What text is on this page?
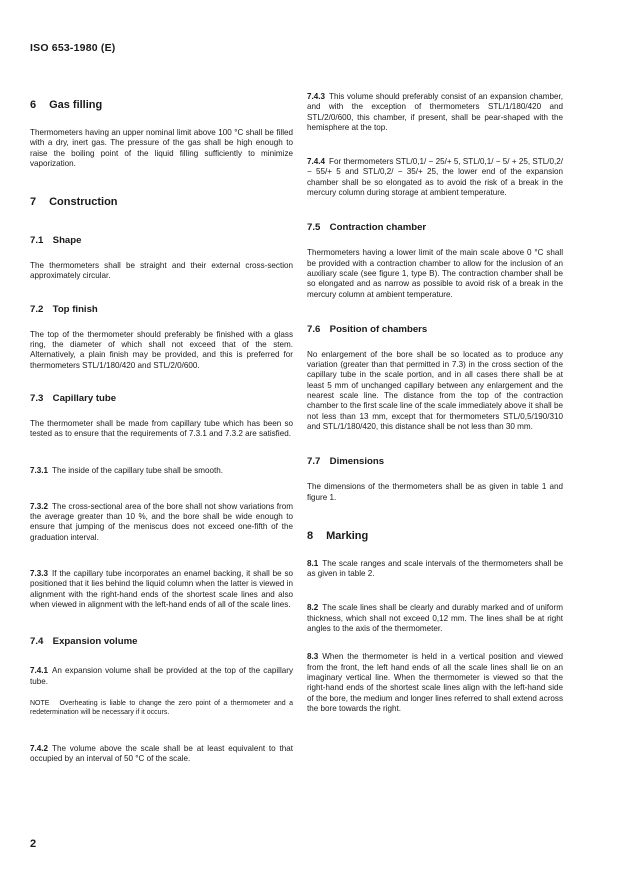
ISO 653-1980 (E)
6 Gas filling

Thermometers having an upper nominal limit above 100 °C shall be filled with a dry, inert gas. The pressure of the gas shall be high enough to raise the boiling point of the liquid filling sufficiently to minimize vaporization.

7 Construction
7.1 Shape

The thermometers shall be straight and their external cross-section approximately circular.

7.2 Top finish

The top of the thermometer should preferably be finished with a glass ring, the diameter of which shall not exceed that of the stem. Alternatively, a plain finish may be provided, and this is preferred for thermometers STL/1/180/420 and STL/2/0/600.

7.3 Capillary tube

The thermometer shall be made from capillary tube which has been so tested as to ensure that the requirements of 7.3.1 and 7.3.2 are satisfied.

7.3.1 The inside of the capillary tube shall be smooth.

7.3.2 The cross-sectional area of the bore shall not show variations from the average greater than 10 %, and the bore shall be wide enough to ensure that jumping of the meniscus does not exceed one-fifth of the graduation interval.

7.3.3 If the capillary tube incorporates an enamel backing, it shall be so positioned that it lies behind the liquid column when the latter is viewed in alignment with the right-hand ends of the shortest scale lines and also when viewed in alignment with the left-hand ends of all of the scale lines.

7.4 Expansion volume

7.4.1 An expansion volume shall be provided at the top of the capillary tube.

NOTE Overheating is liable to change the zero point of a thermometer and a redetermination will be necessary if it occurs.

7.4.2 The volume above the scale shall be at least equivalent to that occupied by an interval of 50 °C of the scale.

7.4.3 This volume should preferably consist of an expansion chamber, and with the exception of thermometers STL/1/180/420 and STL/2/0/600, this chamber, if present, shall be pear-shaped with the hemisphere at the top.

7.4.4 For thermometers STL/0,1/ − 25/+ 5, STL/0,1/ − 5/ + 25, STL/0,2/ − 55/+ 5 and STL/0,2/ − 35/+ 25, the lower end of the expansion chamber shall be so elongated as to avoid the risk of a break in the mercury column during storage at ambient temperature.

7.5 Contraction chamber

Thermometers having a lower limit of the main scale above 0 °C shall be provided with a contraction chamber to allow for the inclusion of an auxiliary scale (see figure 1, type B). The contraction chamber shall be so elongated and as narrow as possible to avoid risk of a break in the mercury column at ambient temperature.

7.6 Position of chambers

No enlargement of the bore shall be so located as to produce any variation (greater than that permitted in 7.3) in the cross section of the capillary tube in the scale portion, and in all cases there shall be at least 5 mm of unchanged capillary between any enlargement and the nearest scale line. The distance from the top of the contraction chamber to the first scale line of the scale immediately above it shall be not less than 13 mm, except that for thermometers STL/0,5/190/310 and STL/1/180/420, this distance shall be not less than 30 mm.

7.7 Dimensions

The dimensions of the thermometers shall be as given in table 1 and figure 1.

8 Marking

8.1 The scale ranges and scale intervals of the thermometers shall be as given in table 2.

8.2 The scale lines shall be clearly and durably marked and of uniform thickness, which shall not exceed 0,12 mm. The lines shall be at right angles to the axis of the thermometer.

8.3 When the thermometer is held in a vertical position and viewed from the front, the left hand ends of all the scale lines shall lie on an imaginary vertical line. When the thermometer is viewed so that the right-hand ends of the shortest scale lines align with the left-hand side of the bore, the medium and longer lines referred to shall extend across the bore towards the right.

2
